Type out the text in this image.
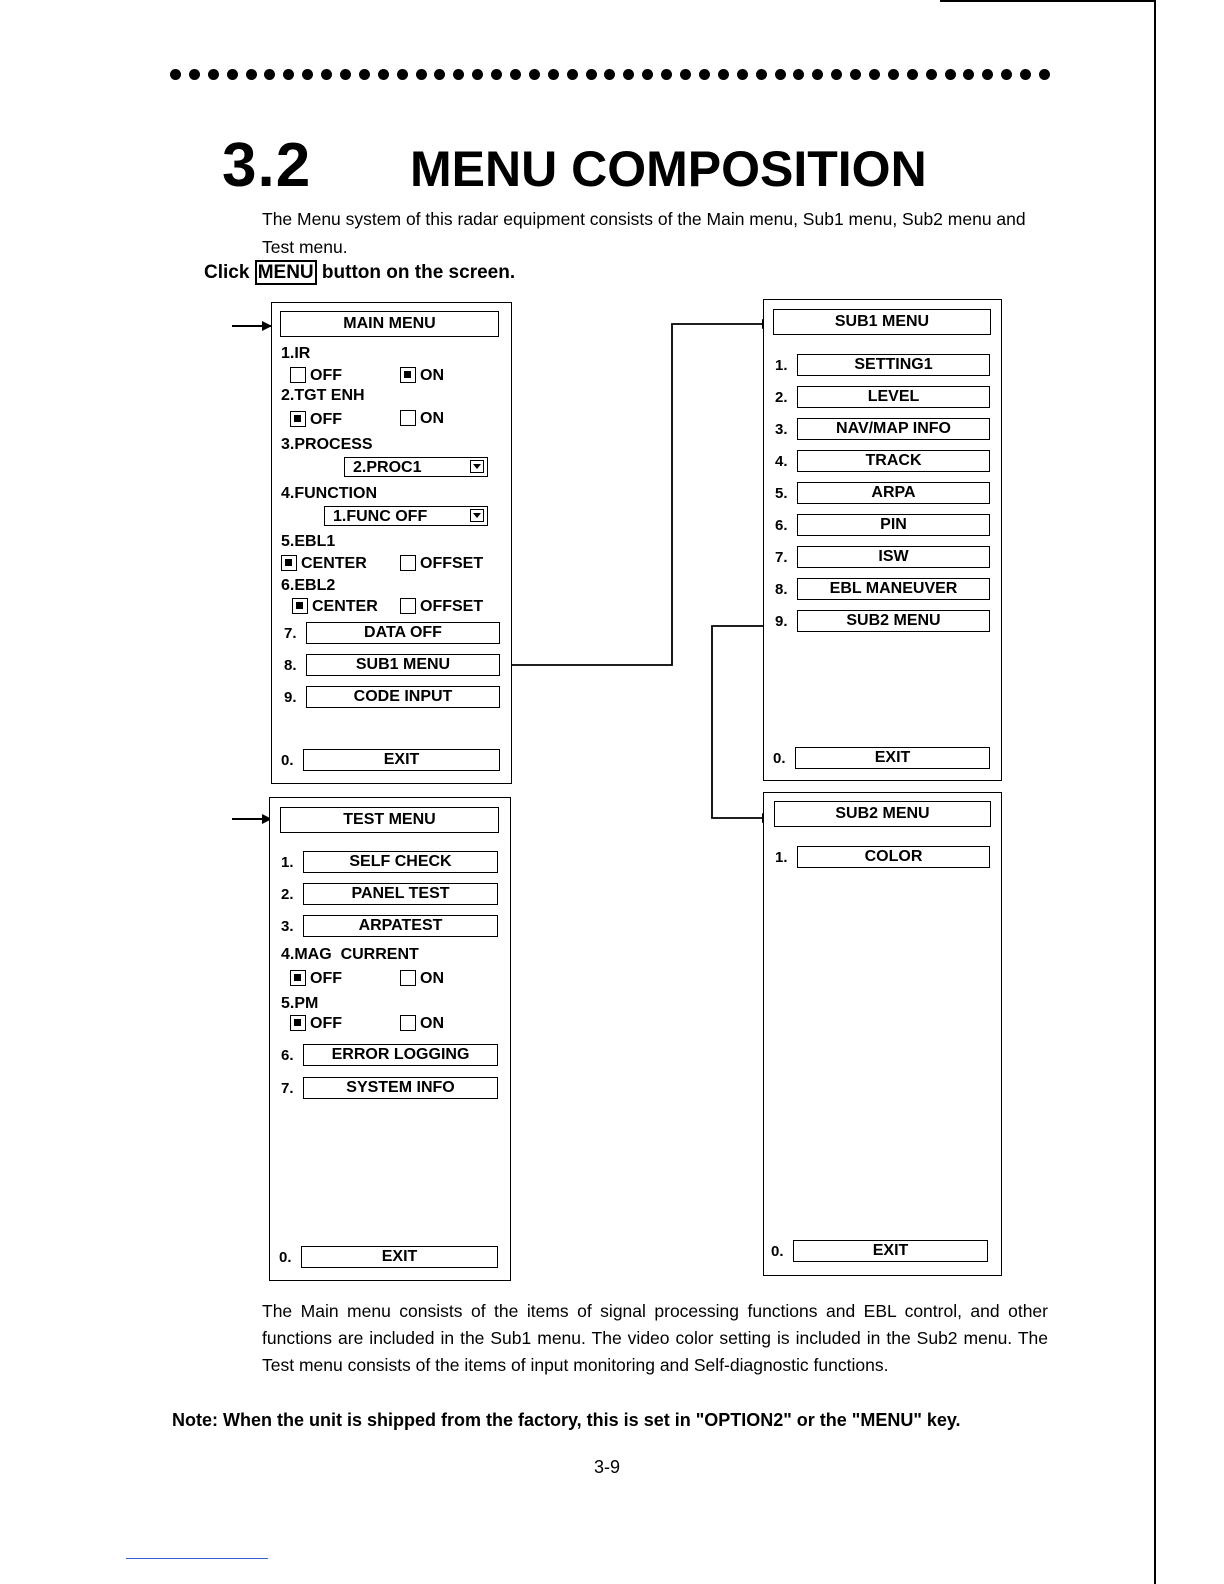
3.2 MENU COMPOSITION
The Menu system of this radar equipment consists of the Main menu, Sub1 menu, Sub2 menu and Test menu.
Click MENU button on the screen.
MAIN MENU
1.IR
OFF	ON
2.TGT ENH
OFF	ON
3.PROCESS
2.PROC1
4.FUNCTION
1.FUNC OFF
5.EBL1
CENTER	OFFSET
6.EBL2
CENTER	OFFSET
7.	DATA OFF
8.	SUB1 MENU
9.	CODE INPUT
0.	EXIT
TEST MENU
1.	SELF CHECK
2.	PANEL TEST
3.	ARPATEST
4.MAG  CURRENT
OFF	ON
5.PM
OFF	ON
6.	ERROR LOGGING
7.	SYSTEM INFO
0.	EXIT
SUB1 MENU
1.	SETTING1
2.	LEVEL
3.	NAV/MAP INFO
4.	TRACK
5.	ARPA
6.	PIN
7.	ISW
8.	EBL MANEUVER
9.	SUB2 MENU
0.	EXIT
SUB2 MENU
1.	COLOR
0.	EXIT
The Main menu consists of the items of signal processing functions and EBL control, and other functions are included in the Sub1 menu. The video color setting is included in the Sub2 menu. The Test menu consists of the items of input monitoring and Self-diagnostic functions.
Note: When the unit is shipped from the factory, this is set in "OPTION2" or the "MENU" key.
3-9
